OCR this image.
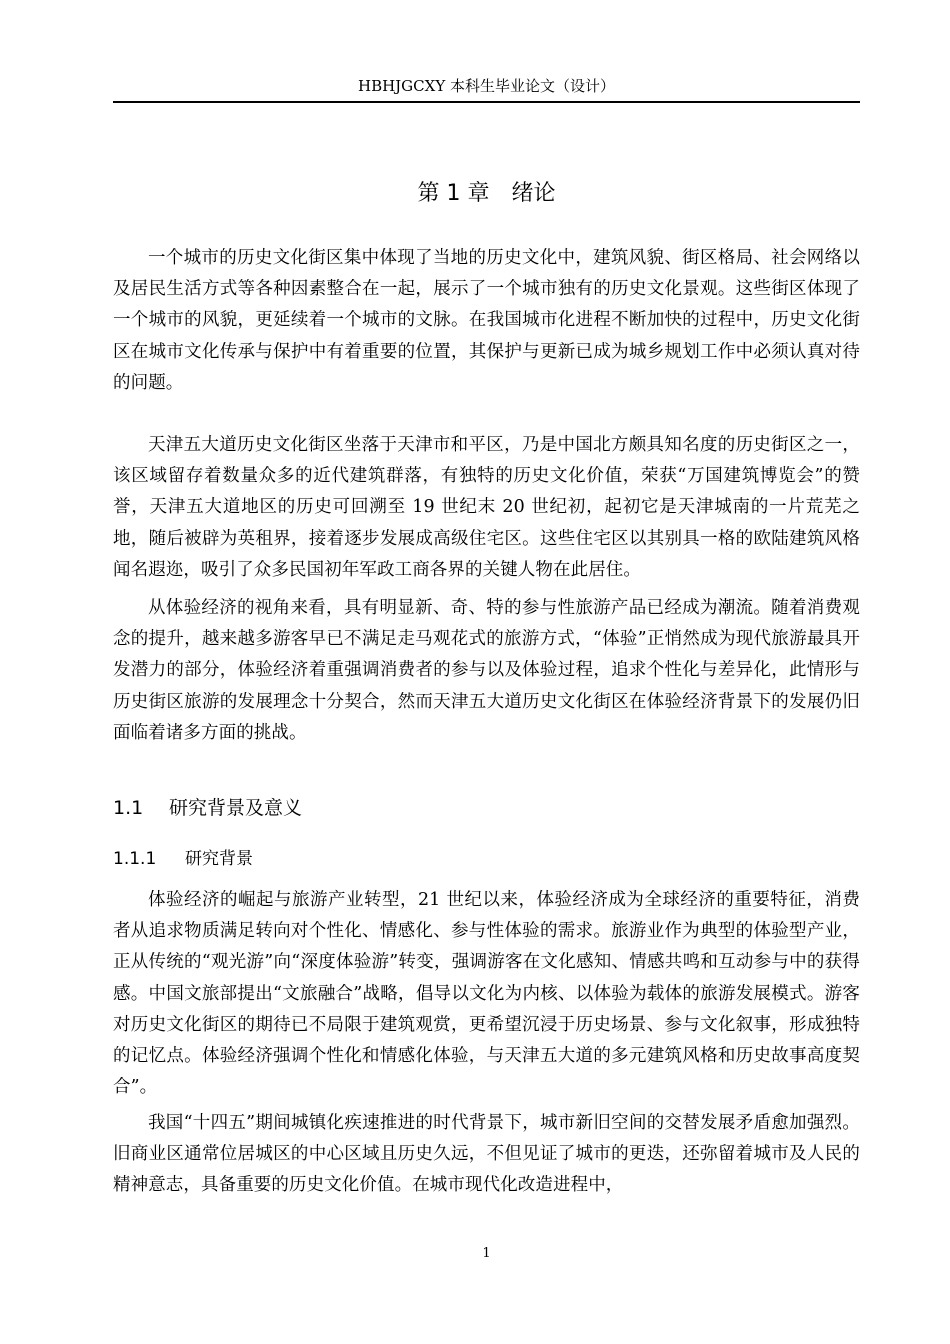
HBHJGCXY 本科生毕业论文（设计）
第 1 章 绪论

一个城市的历史文化街区集中体现了当地的历史文化中，建筑风貌、街区格局、社会网络以及居民生活方式等各种因素整合在一起，展示了一个城市独有的历史文化景观。这些街区体现了一个城市的风貌，更延续着一个城市的文脉。在我国城市化进程不断加快的过程中，历史文化街区在城市文化传承与保护中有着重要的位置，其保护与更新已成为城乡规划工作中必须认真对待的问题。

天津五大道历史文化街区坐落于天津市和平区，乃是中国北方颇具知名度的历史街区之一，该区域留存着数量众多的近代建筑群落，有独特的历史文化价值，荣获“万国建筑博览会”的赞誉，天津五大道地区的历史可回溯至 19 世纪末 20 世纪初，起初它是天津城南的一片荒芜之地，随后被辟为英租界，接着逐步发展成高级住宅区。这些住宅区以其别具一格的欧陆建筑风格闻名遐迩，吸引了众多民国初年军政工商各界的关键人物在此居住。

从体验经济的视角来看，具有明显新、奇、特的参与性旅游产品已经成为潮流。随着消费观念的提升，越来越多游客早已不满足走马观花式的旅游方式，“体验”正悄然成为现代旅游最具开发潜力的部分，体验经济着重强调消费者的参与以及体验过程，追求个性化与差异化，此情形与历史街区旅游的发展理念十分契合，然而天津五大道历史文化街区在体验经济背景下的发展仍旧面临着诸多方面的挑战。

1.1 研究背景及意义
1.1.1 研究背景

体验经济的崛起与旅游产业转型，21 世纪以来，体验经济成为全球经济的重要特征，消费者从追求物质满足转向对个性化、情感化、参与性体验的需求。旅游业作为典型的体验型产业，正从传统的“观光游”向“深度体验游”转变，强调游客在文化感知、情感共鸣和互动参与中的获得感。中国文旅部提出“文旅融合”战略，倡导以文化为内核、以体验为载体的旅游发展模式。游客对历史文化街区的期待已不局限于建筑观赏，更希望沉浸于历史场景、参与文化叙事，形成独特的记忆点。体验经济强调个性化和情感化体验，与天津五大道的多元建筑风格和历史故事高度契合”。

我国“十四五”期间城镇化疾速推进的时代背景下，城市新旧空间的交替发展矛盾愈加强烈。旧商业区通常位居城区的中心区域且历史久远，不但见证了城市的更迭，还弥留着城市及人民的精神意志，具备重要的历史文化价值。在城市现代化改造进程中，

1
